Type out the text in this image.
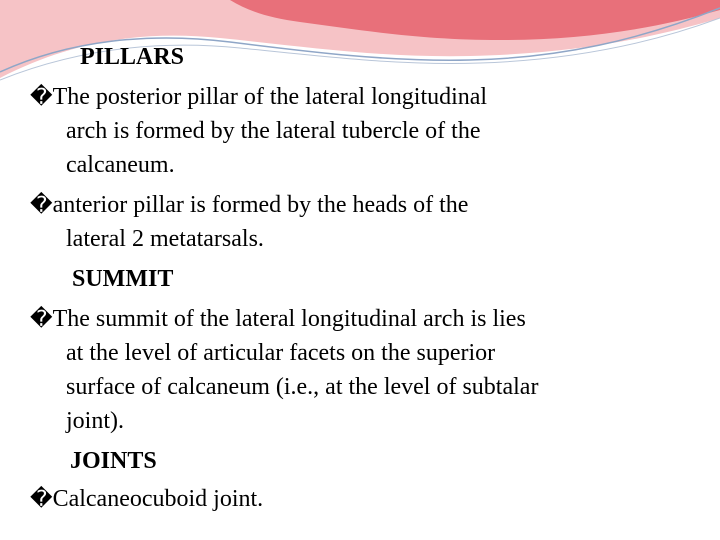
PILLARS
�The posterior pillar of the lateral longitudinal
arch is formed by the lateral tubercle of the
calcaneum.
�anterior pillar is formed by the heads of the
lateral 2 metatarsals.
SUMMIT
�The summit of the lateral longitudinal arch is lies
at the level of articular facets on the superior
surface of calcaneum (i.e., at the level of subtalar
joint).
JOINTS
�Calcaneocuboid joint.
